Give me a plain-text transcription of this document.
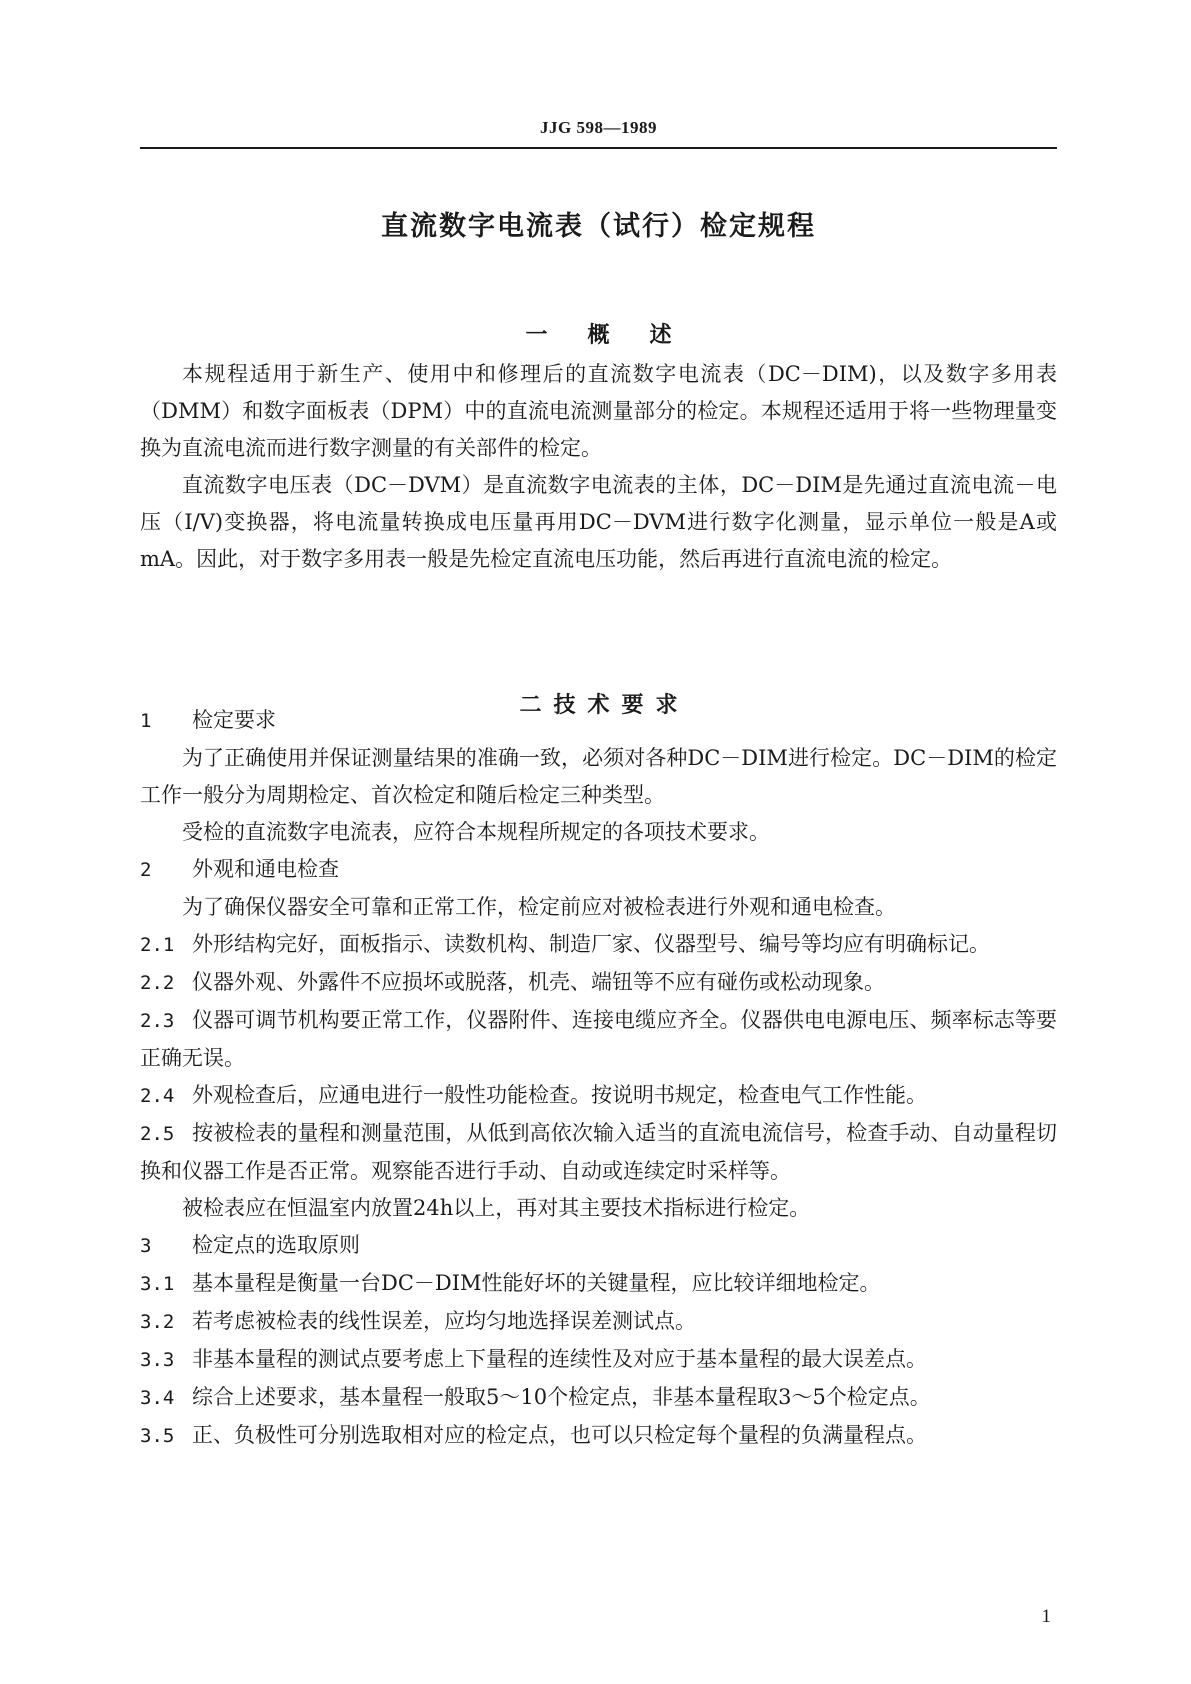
JJG 598—1989
直流数字电流表（试行）检定规程
一概述

本规程适用于新生产、使用中和修理后的直流数字电流表（DC－DIM)，以及数字多用表（DMM）和数字面板表（DPM）中的直流电流测量部分的检定。本规程还适用于将一些物理量变换为直流电流而进行数字测量的有关部件的检定。

直流数字电压表（DC－DVM）是直流数字电流表的主体，DC－DIM是先通过直流电流－电压（I/V)变换器，将电流量转换成电压量再用DC－DVM进行数字化测量，显示单位一般是A或mA。因此，对于数字多用表一般是先检定直流电压功能，然后再进行直流电流的检定。

二技术要求

1 检定要求

为了正确使用并保证测量结果的准确一致，必须对各种DC－DIM进行检定。DC－DIM的检定工作一般分为周期检定、首次检定和随后检定三种类型。

受检的直流数字电流表，应符合本规程所规定的各项技术要求。

2 外观和通电检查

为了确保仪器安全可靠和正常工作，检定前应对被检表进行外观和通电检查。

2.1 外形结构完好，面板指示、读数机构、制造厂家、仪器型号、编号等均应有明确标记。

2.2 仪器外观、外露件不应损坏或脱落，机壳、端钮等不应有碰伤或松动现象。

2.3 仪器可调节机构要正常工作，仪器附件、连接电缆应齐全。仪器供电电源电压、频率标志等要正确无误。

2.4 外观检查后，应通电进行一般性功能检查。按说明书规定，检查电气工作性能。

2.5 按被检表的量程和测量范围，从低到高依次输入适当的直流电流信号，检查手动、自动量程切换和仪器工作是否正常。观察能否进行手动、自动或连续定时采样等。

被检表应在恒温室内放置24h以上，再对其主要技术指标进行检定。

3 检定点的选取原则

3.1 基本量程是衡量一台DC－DIM性能好坏的关键量程，应比较详细地检定。

3.2 若考虑被检表的线性误差，应均匀地选择误差测试点。

3.3 非基本量程的测试点要考虑上下量程的连续性及对应于基本量程的最大误差点。

3.4 综合上述要求，基本量程一般取5～10个检定点，非基本量程取3～5个检定点。

3.5 正、负极性可分别选取相对应的检定点，也可以只检定每个量程的负满量程点。

1
